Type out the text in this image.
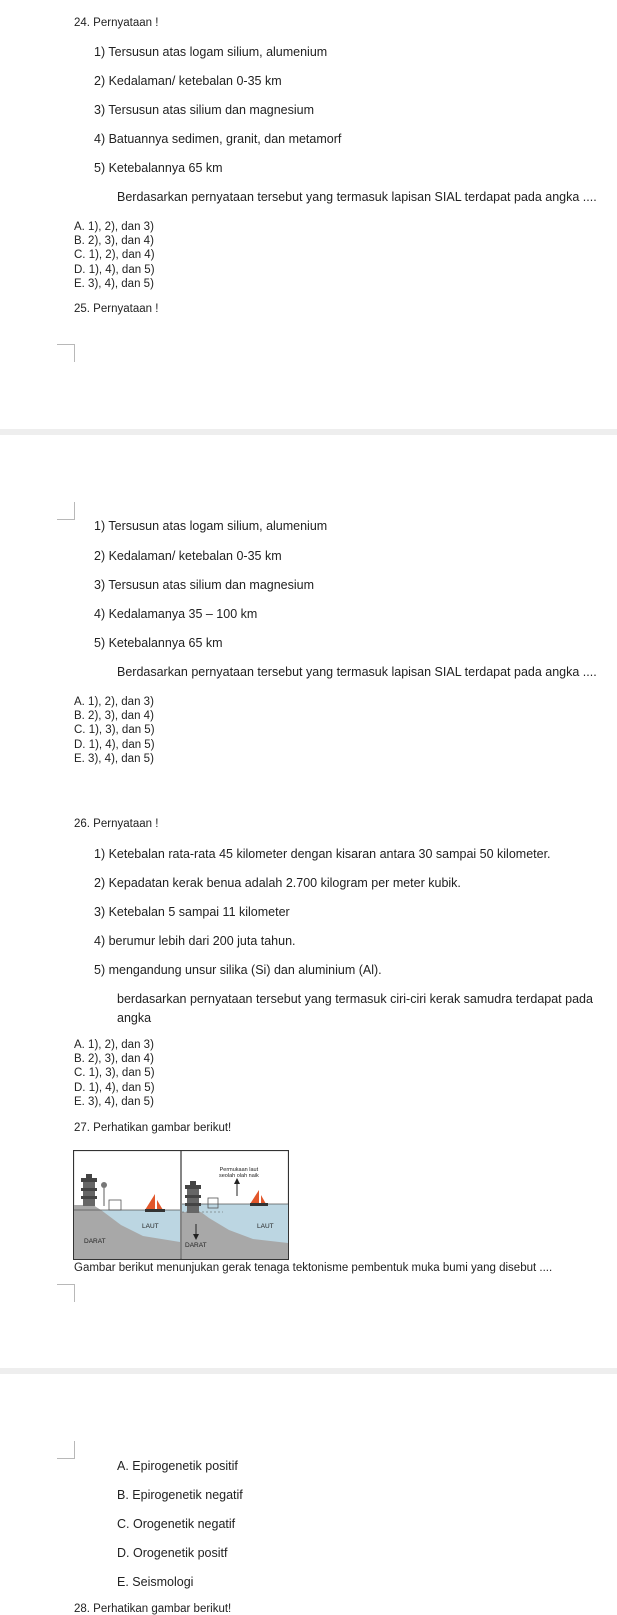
24. Pernyataan !
1) Tersusun atas logam silium, alumenium
2) Kedalaman/ ketebalan 0-35 km
3) Tersusun atas silium dan magnesium
4) Batuannya sedimen, granit, dan metamorf
5) Ketebalannya 65 km
Berdasarkan pernyataan tersebut yang termasuk lapisan SIAL terdapat pada angka ....
A. 1), 2), dan 3)
B. 2), 3), dan 4)
C. 1), 2), dan 4)
D. 1), 4), dan 5)
E. 3), 4), dan 5)
25. Pernyataan !
1) Tersusun atas logam silium, alumenium
2) Kedalaman/ ketebalan 0-35 km
3) Tersusun atas silium dan magnesium
4) Kedalamanya 35 – 100 km
5) Ketebalannya 65 km
Berdasarkan pernyataan tersebut yang termasuk lapisan SIAL terdapat pada angka ....
A. 1), 2), dan 3)
B. 2), 3), dan 4)
C. 1), 3), dan 5)
D. 1), 4), dan 5)
E. 3), 4), dan 5)
26. Pernyataan !
1) Ketebalan rata-rata 45 kilometer dengan kisaran antara 30 sampai 50 kilometer.
2) Kepadatan kerak benua adalah 2.700 kilogram per meter kubik.
3) Ketebalan 5 sampai 11 kilometer
4) berumur lebih dari 200 juta tahun.
5) mengandung unsur silika (Si) dan aluminium (Al).
berdasarkan pernyataan tersebut yang termasuk ciri-ciri kerak samudra terdapat pada
angka
A. 1), 2), dan 3)
B. 2), 3), dan 4)
C. 1), 3), dan 5)
D. 1), 4), dan 5)
E. 3), 4), dan 5)
27. Perhatikan gambar berikut!
LAUT
DARAT
LAUT
DARAT
Permukaan laut
seolah olah naik
Gambar berikut menunjukan gerak tenaga tektonisme pembentuk muka bumi yang disebut ....
A. Epirogenetik positif
B. Epirogenetik negatif
C. Orogenetik negatif
D. Orogenetik positf
E. Seismologi
28. Perhatikan gambar berikut!
